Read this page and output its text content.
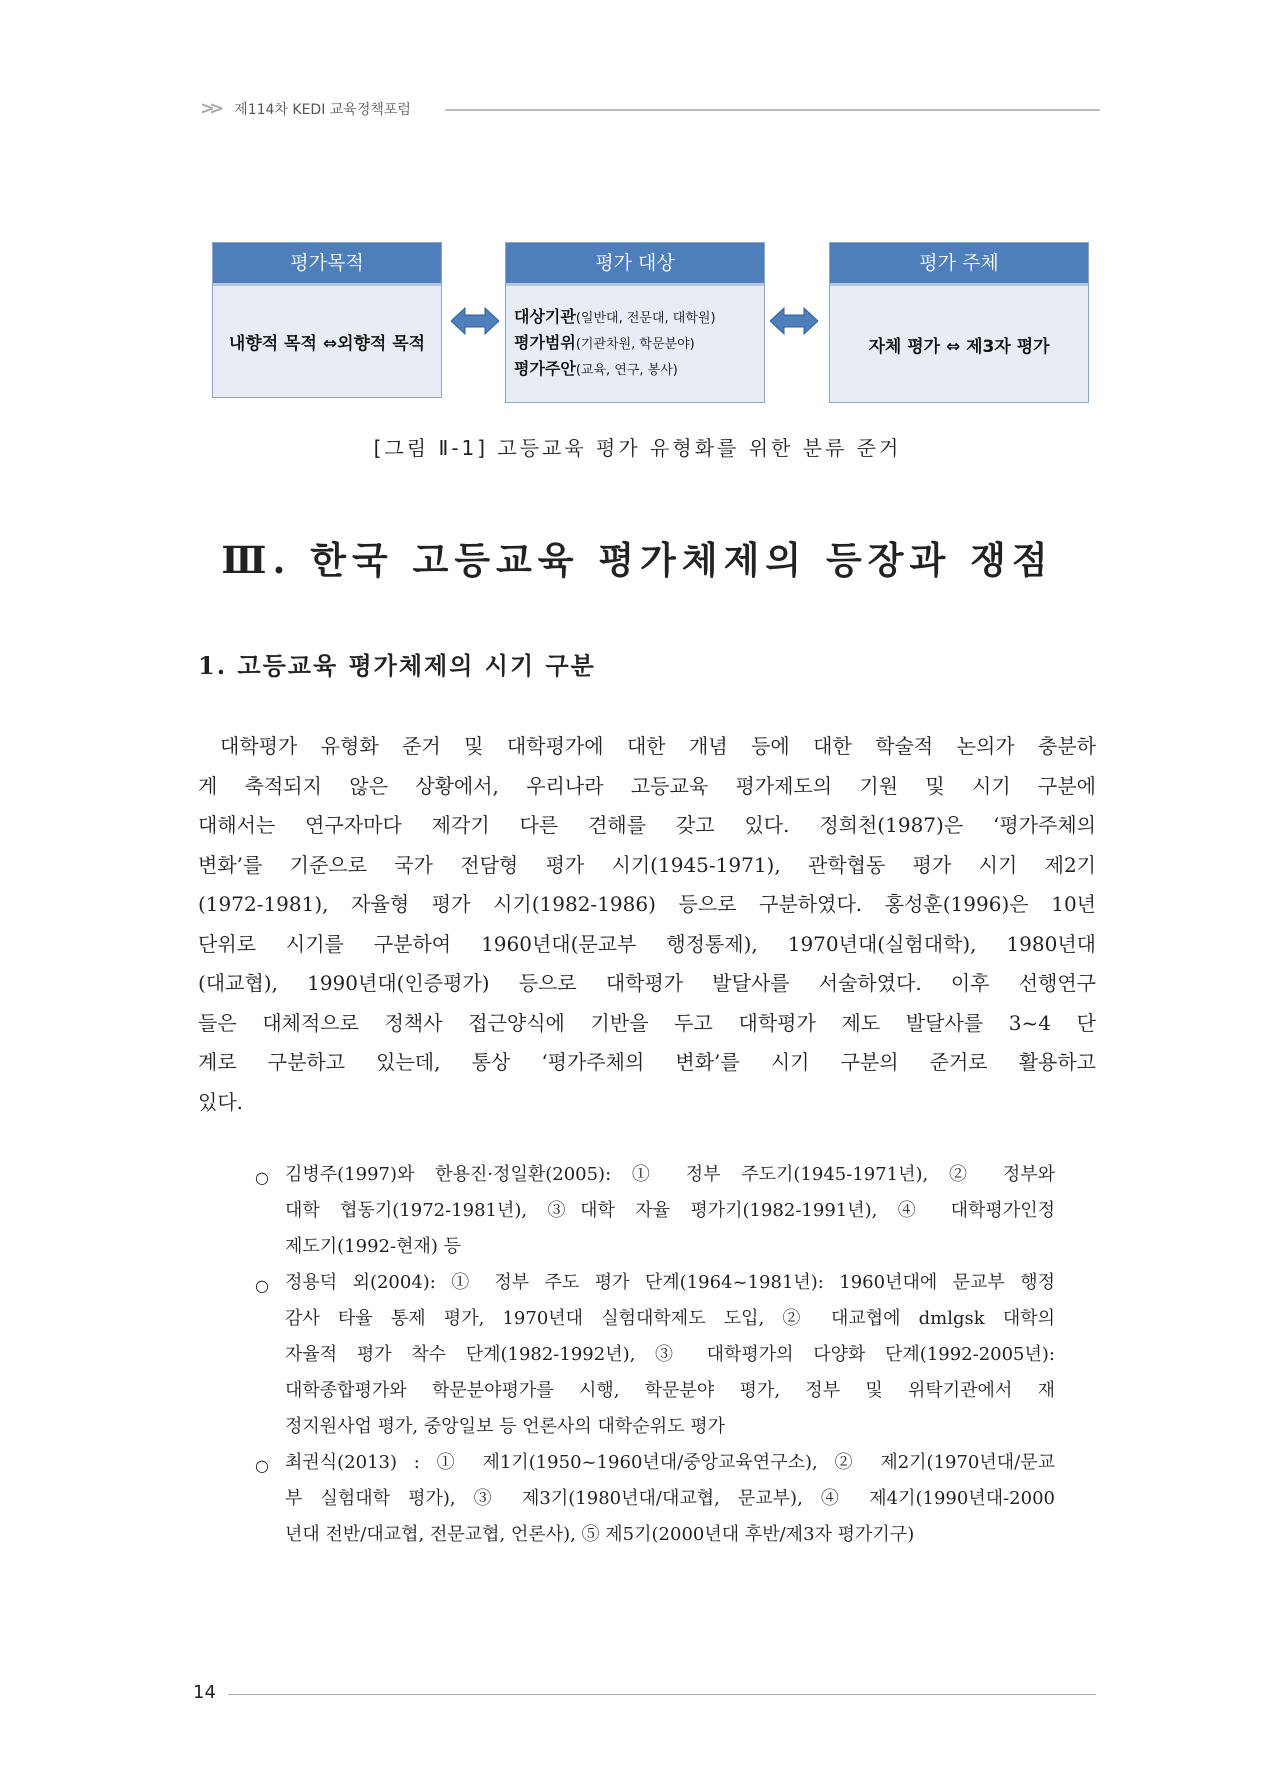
>> 제114차 KEDI 교육정책포럼
평가목적
내향적 목적 ⇔외향적 목적
평가 대상
대상기관(일반대, 전문대, 대학원)
평가범위(기관차원, 학문분야)
평가주안(교육, 연구, 봉사)
평가 주체
자체 평가 ⇔ 제3자 평가
[그림 Ⅱ-1] 고등교육 평가 유형화를 위한 분류 준거
Ⅲ. 한국 고등교육 평가체제의 등장과 쟁점
1. 고등교육 평가체제의 시기 구분
대학평가 유형화 준거 및 대학평가에 대한 개념 등에 대한 학술적 논의가 충분하
게 축적되지 않은 상황에서, 우리나라 고등교육 평가제도의 기원 및 시기 구분에
대해서는 연구자마다 제각기 다른 견해를 갖고 있다. 정희천(1987)은 ‘평가주체의
변화’를 기준으로 국가 전담형 평가 시기(1945-1971), 관학협동 평가 시기 제2기
(1972-1981), 자율형 평가 시기(1982-1986) 등으로 구분하였다. 홍성훈(1996)은 10년
단위로 시기를 구분하여 1960년대(문교부 행정통제), 1970년대(실험대학), 1980년대
(대교협), 1990년대(인증평가) 등으로 대학평가 발달사를 서술하였다. 이후 선행연구
들은 대체적으로 정책사 접근양식에 기반을 두고 대학평가 제도 발달사를 3~4 단
계로 구분하고 있는데, 통상 ‘평가주체의 변화’를 시기 구분의 준거로 활용하고
있다.
○ 김병주(1997)와 한용진·정일환(2005): ① 정부 주도기(1945-1971년), ② 정부와
대학 협동기(1972-1981년), ③대학 자율 평가기(1982-1991년), ④ 대학평가인정
제도기(1992-현재) 등
○ 정용덕 외(2004): ① 정부 주도 평가 단계(1964~1981년): 1960년대에 문교부 행정
감사 타율 통제 평가, 1970년대 실험대학제도 도입, ② 대교협에 dmlgsk 대학의
자율적 평가 착수 단계(1982-1992년), ③ 대학평가의 다양화 단계(1992-2005년):
대학종합평가와 학문분야평가를 시행, 학문분야 평가, 정부 및 위탁기관에서 재
정지원사업 평가, 중앙일보 등 언론사의 대학순위도 평가
○ 최권식(2013) : ① 제1기(1950~1960년대/중앙교육연구소), ② 제2기(1970년대/문교
부 실험대학 평가), ③ 제3기(1980년대/대교협, 문교부), ④ 제4기(1990년대-2000
년대 전반/대교협, 전문교협, 언론사), ⑤ 제5기(2000년대 후반/제3자 평가기구)
14
